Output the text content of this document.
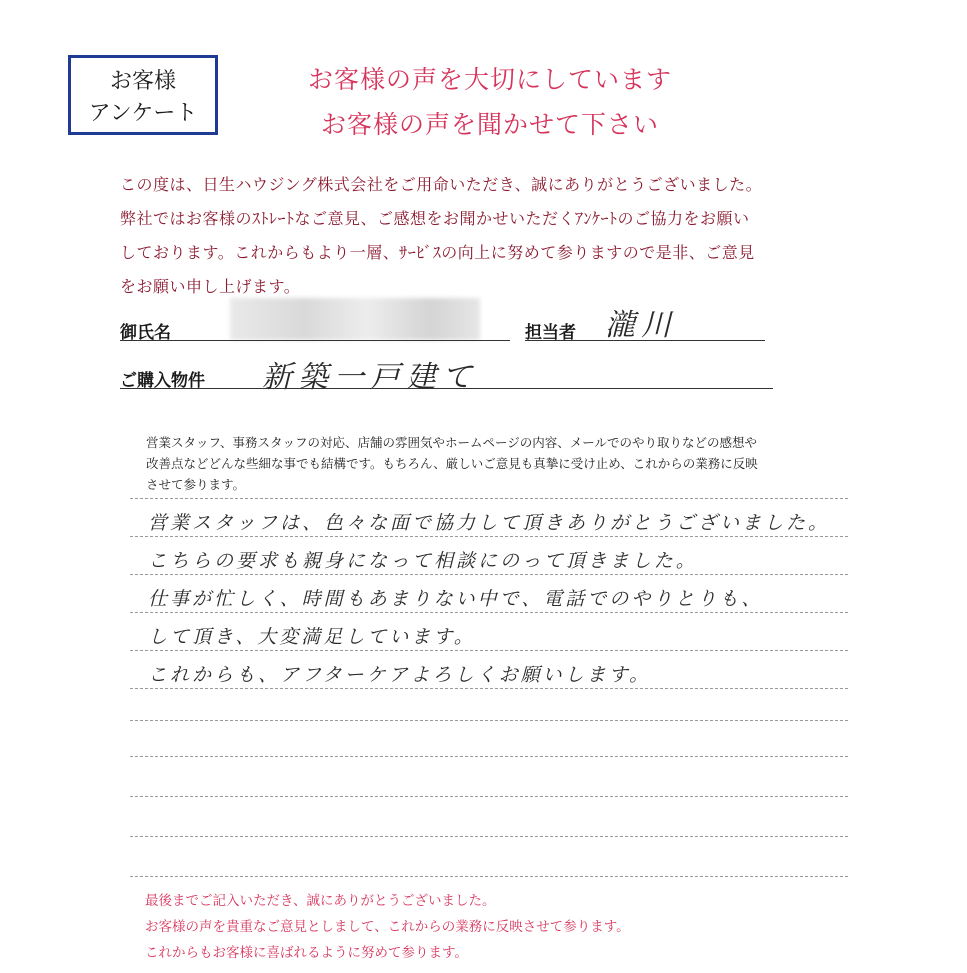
お客様
アンケート
お客様の声を大切にしています
お客様の声を聞かせて下さい
この度は、日生ハウジング株式会社をご用命いただき、誠にありがとうございました。
弊社ではお客様のｽﾄﾚｰﾄなご意見、ご感想をお聞かせいただくｱﾝｹｰﾄのご協力をお願い
しております。これからもより一層、ｻｰﾋﾞｽの向上に努めて参りますので是非、ご意見
をお願い申し上げます。
御氏名	担当者 瀧川
ご購入物件 新築一戸建て
営業スタッフ、事務スタッフの対応、店舗の雰囲気やホームページの内容、メールでのやり取りなどの感想や
改善点などどんな些細な事でも結構です。もちろん、厳しいご意見も真摯に受け止め、これからの業務に反映
させて参ります。
営業スタッフは、色々な面で協力して頂きありがとうございました。
こちらの要求も親身になって相談にのって頂きました。
仕事が忙しく、時間もあまりない中で、電話でのやりとりも、
して頂き、大変満足しています。
これからも、アフターケアよろしくお願いします。
最後までご記入いただき、誠にありがとうございました。
お客様の声を貴重なご意見としまして、これからの業務に反映させて参ります。
これからもお客様に喜ばれるように努めて参ります。
